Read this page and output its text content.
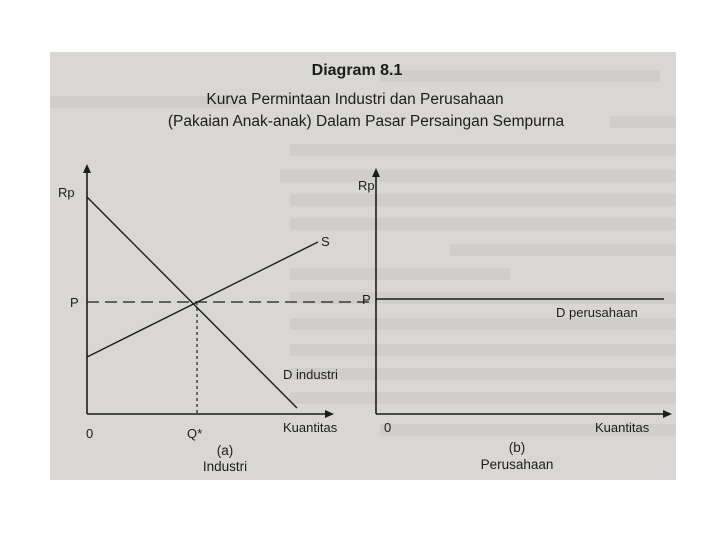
Diagram 8.1
Kurva Permintaan Industri dan Perusahaan
(Pakaian Anak-anak) Dalam Pasar Persaingan Sempurna
Rp
S
P
D industri
0	Q*	Kuantitas
(a)
Industri
Rp
P
D perusahaan
0	Kuantitas
(b)
Perusahaan
